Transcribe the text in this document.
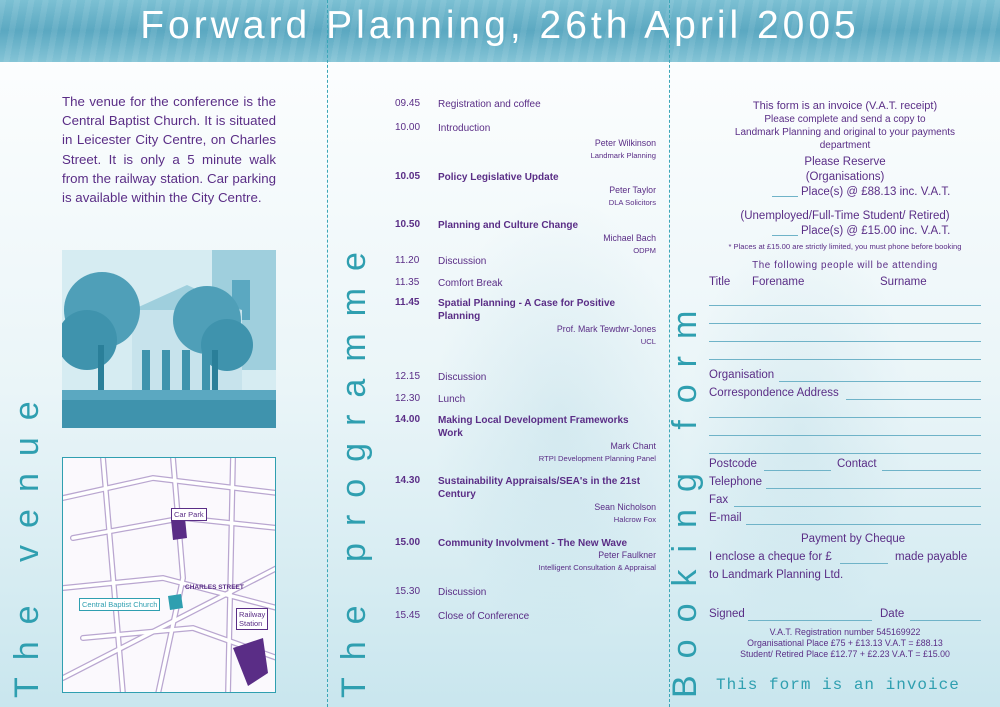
Forward Planning, 26th April 2005
The venue	The programme	Booking form
The venue for the conference is the Central Baptist Church. It is situated in Leicester City Centre, on Charles Street. It is only a 5 minute walk from the railway station. Car parking is available within the City Centre.
Car Park
Central Baptist Church
Railway Station
CHARLES STREET
09.45	Registration and coffee
10.00	Introduction
Peter Wilkinson
Landmark Planning
10.05	Policy Legislative Update
Peter Taylor
DLA Solicitors
10.50	Planning and Culture Change
Michael Bach
ODPM
11.20	Discussion
11.35	Comfort Break
11.45	Spatial Planning - A Case for Positive Planning
Prof. Mark Tewdwr-Jones
UCL
12.15	Discussion
12.30	Lunch
14.00	Making Local Development Frameworks Work
Mark Chant
RTPI Development Planning Panel
14.30	Sustainability Appraisals/SEA's in the 21st Century
Sean Nicholson
Halcrow Fox
15.00	Community Involvment - The New Wave
Peter Faulkner
Intelligent Consultation & Appraisal
15.30	Discussion
15.45	Close of Conference
This form is an invoice (V.A.T. receipt)
Please complete and send a copy to
Landmark Planning and original to your payments
department
Please Reserve
(Organisations)
Place(s) @ £88.13 inc. V.A.T.
(Unemployed/Full-Time Student/ Retired)
Place(s) @ £15.00 inc. V.A.T.
* Places at £15.00 are strictly limited, you must phone before booking
The following people will be attending
Title Forename	Surname
Organisation
Correspondence Address
Postcode	Contact
Telephone
Fax
E-mail
Payment by Cheque
I enclose a cheque for £	made payable
to Landmark Planning Ltd.
Signed	Date
V.A.T. Registration number 545169922
Organisational Place £75 + £13.13 V.A.T = £88.13
Student/ Retired Place £12.77 + £2.23 V.A.T = £15.00
This form is an invoice
